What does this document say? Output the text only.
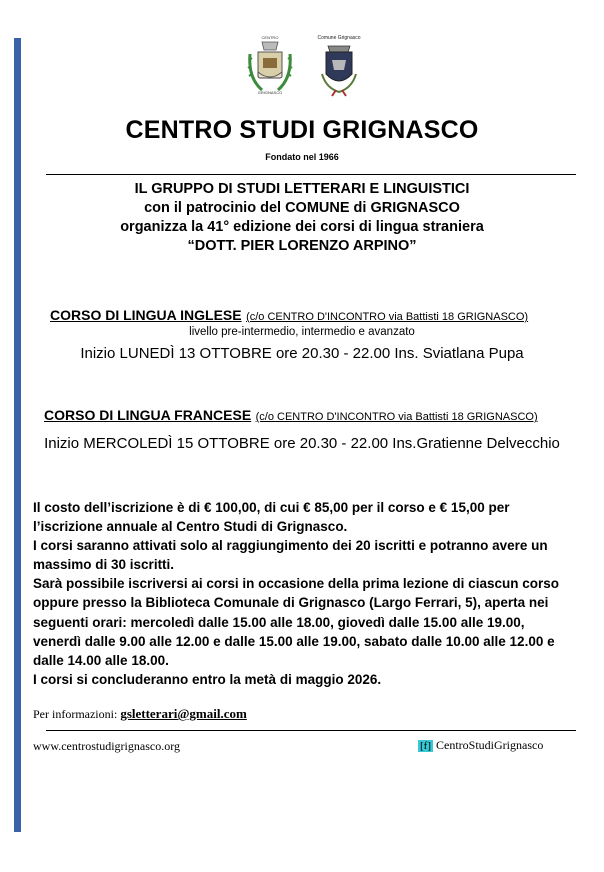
CENTRO
GRIGNASCO
Comune Grignasco
CENTRO STUDI GRIGNASCO
Fondato nel 1966
IL GRUPPO DI STUDI LETTERARI E LINGUISTICI
con il patrocinio del COMUNE di GRIGNASCO
organizza la 41° edizione dei corsi di lingua straniera
“DOTT. PIER LORENZO ARPINO”
CORSO DI LINGUA INGLESE (c/o CENTRO D'INCONTRO via Battisti 18 GRIGNASCO)
livello pre-intermedio, intermedio e avanzato
Inizio LUNEDÌ 13 OTTOBRE ore 20.30 - 22.00 Ins. Sviatlana Pupa
CORSO DI LINGUA FRANCESE (c/o CENTRO D'INCONTRO via Battisti 18 GRIGNASCO)
Inizio MERCOLEDÌ 15 OTTOBRE ore 20.30 - 22.00 Ins.Gratienne Delvecchio
Il costo dell’iscrizione è di € 100,00, di cui € 85,00 per il corso e € 15,00 per
l’iscrizione annuale al Centro Studi di Grignasco.
I corsi saranno attivati solo al raggiungimento dei 20 iscritti e potranno avere un
massimo di 30 iscritti.
Sarà possibile iscriversi ai corsi in occasione della prima lezione di ciascun corso
oppure presso la Biblioteca Comunale di Grignasco (Largo Ferrari, 5), aperta nei
seguenti orari: mercoledì dalle 15.00 alle 18.00, giovedì dalle 15.00 alle 19.00,
venerdì dalle 9.00 alle 12.00 e dalle 15.00 alle 19.00, sabato dalle 10.00 alle 12.00 e
dalle 14.00 alle 18.00.
I corsi si concluderanno entro la metà di maggio 2026.
Per informazioni: gsletterari@gmail.com
www.centrostudigrignasco.org	[f] CentroStudiGrignasco
